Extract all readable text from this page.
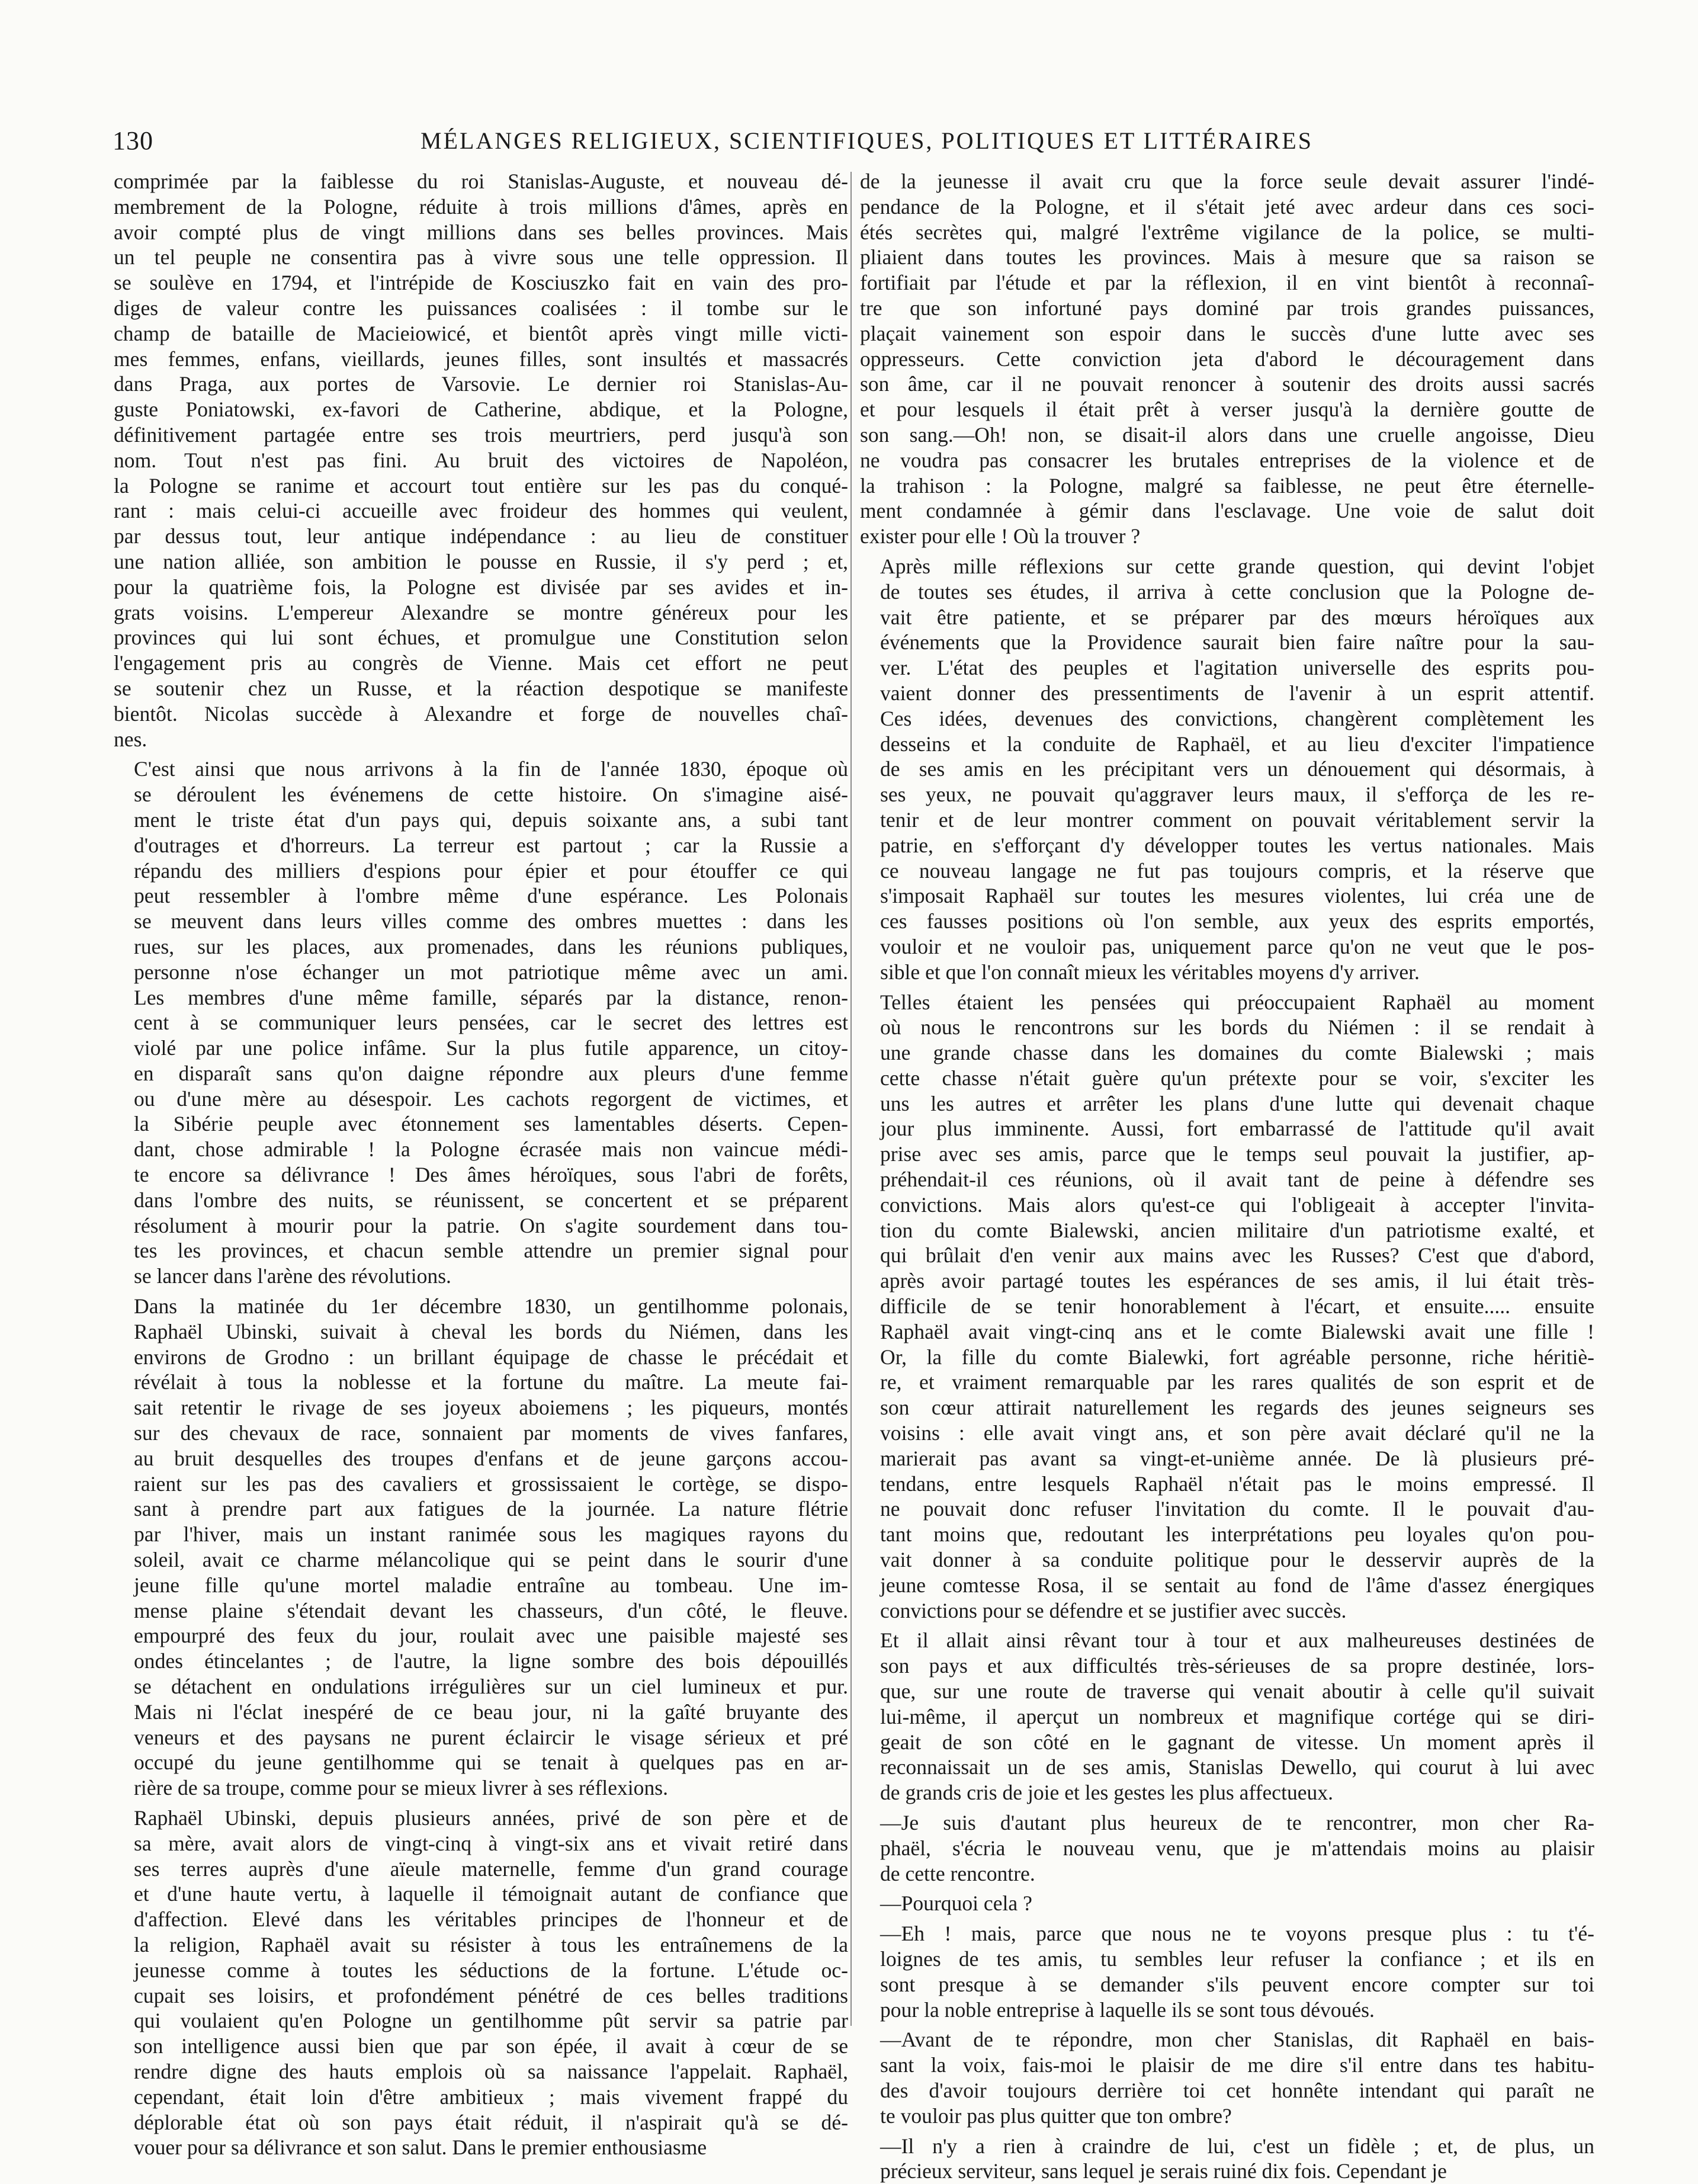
130	MÉLANGES RELIGIEUX, SCIENTIFIQUES, POLITIQUES ET LITTÉRAIRES
comprimée par la faiblesse du roi Stanislas-Auguste, et nouveau dé-
membrement de la Pologne, réduite à trois millions d'âmes, après en
avoir compté plus de vingt millions dans ses belles provinces. Mais
un tel peuple ne consentira pas à vivre sous une telle oppression. Il
se soulève en 1794, et l'intrépide de Kosciuszko fait en vain des pro-
diges de valeur contre les puissances coalisées : il tombe sur le
champ de bataille de Macieiowicé, et bientôt après vingt mille victi-
mes femmes, enfans, vieillards, jeunes filles, sont insultés et massacrés
dans Praga, aux portes de Varsovie. Le dernier roi Stanislas-Au-
guste Poniatowski, ex-favori de Catherine, abdique, et la Pologne,
définitivement partagée entre ses trois meurtriers, perd jusqu'à son
nom. Tout n'est pas fini. Au bruit des victoires de Napoléon,
la Pologne se ranime et accourt tout entière sur les pas du conqué-
rant : mais celui-ci accueille avec froideur des hommes qui veulent,
par dessus tout, leur antique indépendance : au lieu de constituer
une nation alliée, son ambition le pousse en Russie, il s'y perd ; et,
pour la quatrième fois, la Pologne est divisée par ses avides et in-
grats voisins. L'empereur Alexandre se montre généreux pour les
provinces qui lui sont échues, et promulgue une Constitution selon
l'engagement pris au congrès de Vienne. Mais cet effort ne peut
se soutenir chez un Russe, et la réaction despotique se manifeste
bientôt. Nicolas succède à Alexandre et forge de nouvelles chaî-
nes.
C'est ainsi que nous arrivons à la fin de l'année 1830, époque où
se déroulent les événemens de cette histoire. On s'imagine aisé-
ment le triste état d'un pays qui, depuis soixante ans, a subi tant
d'outrages et d'horreurs. La terreur est partout ; car la Russie a
répandu des milliers d'espions pour épier et pour étouffer ce qui
peut ressembler à l'ombre même d'une espérance. Les Polonais
se meuvent dans leurs villes comme des ombres muettes : dans les
rues, sur les places, aux promenades, dans les réunions publiques,
personne n'ose échanger un mot patriotique même avec un ami.
Les membres d'une même famille, séparés par la distance, renon-
cent à se communiquer leurs pensées, car le secret des lettres est
violé par une police infâme. Sur la plus futile apparence, un citoy-
en disparaît sans qu'on daigne répondre aux pleurs d'une femme
ou d'une mère au désespoir. Les cachots regorgent de victimes, et
la Sibérie peuple avec étonnement ses lamentables déserts. Cepen-
dant, chose admirable ! la Pologne écrasée mais non vaincue médi-
te encore sa délivrance ! Des âmes héroïques, sous l'abri de forêts,
dans l'ombre des nuits, se réunissent, se concertent et se préparent
résolument à mourir pour la patrie. On s'agite sourdement dans tou-
tes les provinces, et chacun semble attendre un premier signal pour
se lancer dans l'arène des révolutions.
Dans la matinée du 1er décembre 1830, un gentilhomme polonais,
Raphaël Ubinski, suivait à cheval les bords du Niémen, dans les
environs de Grodno : un brillant équipage de chasse le précédait et
révélait à tous la noblesse et la fortune du maître. La meute fai-
sait retentir le rivage de ses joyeux aboiemens ; les piqueurs, montés
sur des chevaux de race, sonnaient par moments de vives fanfares,
au bruit desquelles des troupes d'enfans et de jeune garçons accou-
raient sur les pas des cavaliers et grossissaient le cortège, se dispo-
sant à prendre part aux fatigues de la journée. La nature flétrie
par l'hiver, mais un instant ranimée sous les magiques rayons du
soleil, avait ce charme mélancolique qui se peint dans le sourir d'une
jeune fille qu'une mortel maladie entraîne au tombeau. Une im-
mense plaine s'étendait devant les chasseurs, d'un côté, le fleuve.
empourpré des feux du jour, roulait avec une paisible majesté ses
ondes étincelantes ; de l'autre, la ligne sombre des bois dépouillés
se détachent en ondulations irrégulières sur un ciel lumineux et pur.
Mais ni l'éclat inespéré de ce beau jour, ni la gaîté bruyante des
veneurs et des paysans ne purent éclaircir le visage sérieux et pré
occupé du jeune gentilhomme qui se tenait à quelques pas en ar-
rière de sa troupe, comme pour se mieux livrer à ses réflexions.
Raphaël Ubinski, depuis plusieurs années, privé de son père et de
sa mère, avait alors de vingt-cinq à vingt-six ans et vivait retiré dans
ses terres auprès d'une aïeule maternelle, femme d'un grand courage
et d'une haute vertu, à laquelle il témoignait autant de confiance que
d'affection. Elevé dans les véritables principes de l'honneur et de
la religion, Raphaël avait su résister à tous les entraînemens de la
jeunesse comme à toutes les séductions de la fortune. L'étude oc-
cupait ses loisirs, et profondément pénétré de ces belles traditions
qui voulaient qu'en Pologne un gentilhomme pût servir sa patrie par
son intelligence aussi bien que par son épée, il avait à cœur de se
rendre digne des hauts emplois où sa naissance l'appelait. Raphaël,
cependant, était loin d'être ambitieux ; mais vivement frappé du
déplorable état où son pays était réduit, il n'aspirait qu'à se dé-
vouer pour sa délivrance et son salut. Dans le premier enthousiasme
de la jeunesse il avait cru que la force seule devait assurer l'indé-
pendance de la Pologne, et il s'était jeté avec ardeur dans ces soci-
étés secrètes qui, malgré l'extrême vigilance de la police, se multi-
pliaient dans toutes les provinces. Mais à mesure que sa raison se
fortifiait par l'étude et par la réflexion, il en vint bientôt à reconnaî-
tre que son infortuné pays dominé par trois grandes puissances,
plaçait vainement son espoir dans le succès d'une lutte avec ses
oppresseurs. Cette conviction jeta d'abord le découragement dans
son âme, car il ne pouvait renoncer à soutenir des droits aussi sacrés
et pour lesquels il était prêt à verser jusqu'à la dernière goutte de
son sang.—Oh! non, se disait-il alors dans une cruelle angoisse, Dieu
ne voudra pas consacrer les brutales entreprises de la violence et de
la trahison : la Pologne, malgré sa faiblesse, ne peut être éternelle-
ment condamnée à gémir dans l'esclavage. Une voie de salut doit
exister pour elle ! Où la trouver ?
Après mille réflexions sur cette grande question, qui devint l'objet
de toutes ses études, il arriva à cette conclusion que la Pologne de-
vait être patiente, et se préparer par des mœurs héroïques aux
événements que la Providence saurait bien faire naître pour la sau-
ver. L'état des peuples et l'agitation universelle des esprits pou-
vaient donner des pressentiments de l'avenir à un esprit attentif.
Ces idées, devenues des convictions, changèrent complètement les
desseins et la conduite de Raphaël, et au lieu d'exciter l'impatience
de ses amis en les précipitant vers un dénouement qui désormais, à
ses yeux, ne pouvait qu'aggraver leurs maux, il s'efforça de les re-
tenir et de leur montrer comment on pouvait véritablement servir la
patrie, en s'efforçant d'y développer toutes les vertus nationales. Mais
ce nouveau langage ne fut pas toujours compris, et la réserve que
s'imposait Raphaël sur toutes les mesures violentes, lui créa une de
ces fausses positions où l'on semble, aux yeux des esprits emportés,
vouloir et ne vouloir pas, uniquement parce qu'on ne veut que le pos-
sible et que l'on connaît mieux les véritables moyens d'y arriver.
Telles étaient les pensées qui préoccupaient Raphaël au moment
où nous le rencontrons sur les bords du Niémen : il se rendait à
une grande chasse dans les domaines du comte Bialewski ; mais
cette chasse n'était guère qu'un prétexte pour se voir, s'exciter les
uns les autres et arrêter les plans d'une lutte qui devenait chaque
jour plus imminente. Aussi, fort embarrassé de l'attitude qu'il avait
prise avec ses amis, parce que le temps seul pouvait la justifier, ap-
préhendait-il ces réunions, où il avait tant de peine à défendre ses
convictions. Mais alors qu'est-ce qui l'obligeait à accepter l'invita-
tion du comte Bialewski, ancien militaire d'un patriotisme exalté, et
qui brûlait d'en venir aux mains avec les Russes? C'est que d'abord,
après avoir partagé toutes les espérances de ses amis, il lui était très-
difficile de se tenir honorablement à l'écart, et ensuite..... ensuite
Raphaël avait vingt-cinq ans et le comte Bialewski avait une fille !
Or, la fille du comte Bialewki, fort agréable personne, riche héritiè-
re, et vraiment remarquable par les rares qualités de son esprit et de
son cœur attirait naturellement les regards des jeunes seigneurs ses
voisins : elle avait vingt ans, et son père avait déclaré qu'il ne la
marierait pas avant sa vingt-et-unième année. De là plusieurs pré-
tendans, entre lesquels Raphaël n'était pas le moins empressé. Il
ne pouvait donc refuser l'invitation du comte. Il le pouvait d'au-
tant moins que, redoutant les interprétations peu loyales qu'on pou-
vait donner à sa conduite politique pour le desservir auprès de la
jeune comtesse Rosa, il se sentait au fond de l'âme d'assez énergiques
convictions pour se défendre et se justifier avec succès.
Et il allait ainsi rêvant tour à tour et aux malheureuses destinées de
son pays et aux difficultés très-sérieuses de sa propre destinée, lors-
que, sur une route de traverse qui venait aboutir à celle qu'il suivait
lui-même, il aperçut un nombreux et magnifique cortége qui se diri-
geait de son côté en le gagnant de vitesse. Un moment après il
reconnaissait un de ses amis, Stanislas Dewello, qui courut à lui avec
de grands cris de joie et les gestes les plus affectueux.
—Je suis d'autant plus heureux de te rencontrer, mon cher Ra-
phaël, s'écria le nouveau venu, que je m'attendais moins au plaisir
de cette rencontre.
—Pourquoi cela ?
—Eh ! mais, parce que nous ne te voyons presque plus : tu t'é-
loignes de tes amis, tu sembles leur refuser la confiance ; et ils en
sont presque à se demander s'ils peuvent encore compter sur toi
pour la noble entreprise à laquelle ils se sont tous dévoués.
—Avant de te répondre, mon cher Stanislas, dit Raphaël en bais-
sant la voix, fais-moi le plaisir de me dire s'il entre dans tes habitu-
des d'avoir toujours derrière toi cet honnête intendant qui paraît ne
te vouloir pas plus quitter que ton ombre?
—Il n'y a rien à craindre de lui, c'est un fidèle ; et, de plus, un
précieux serviteur, sans lequel je serais ruiné dix fois. Cependant je
